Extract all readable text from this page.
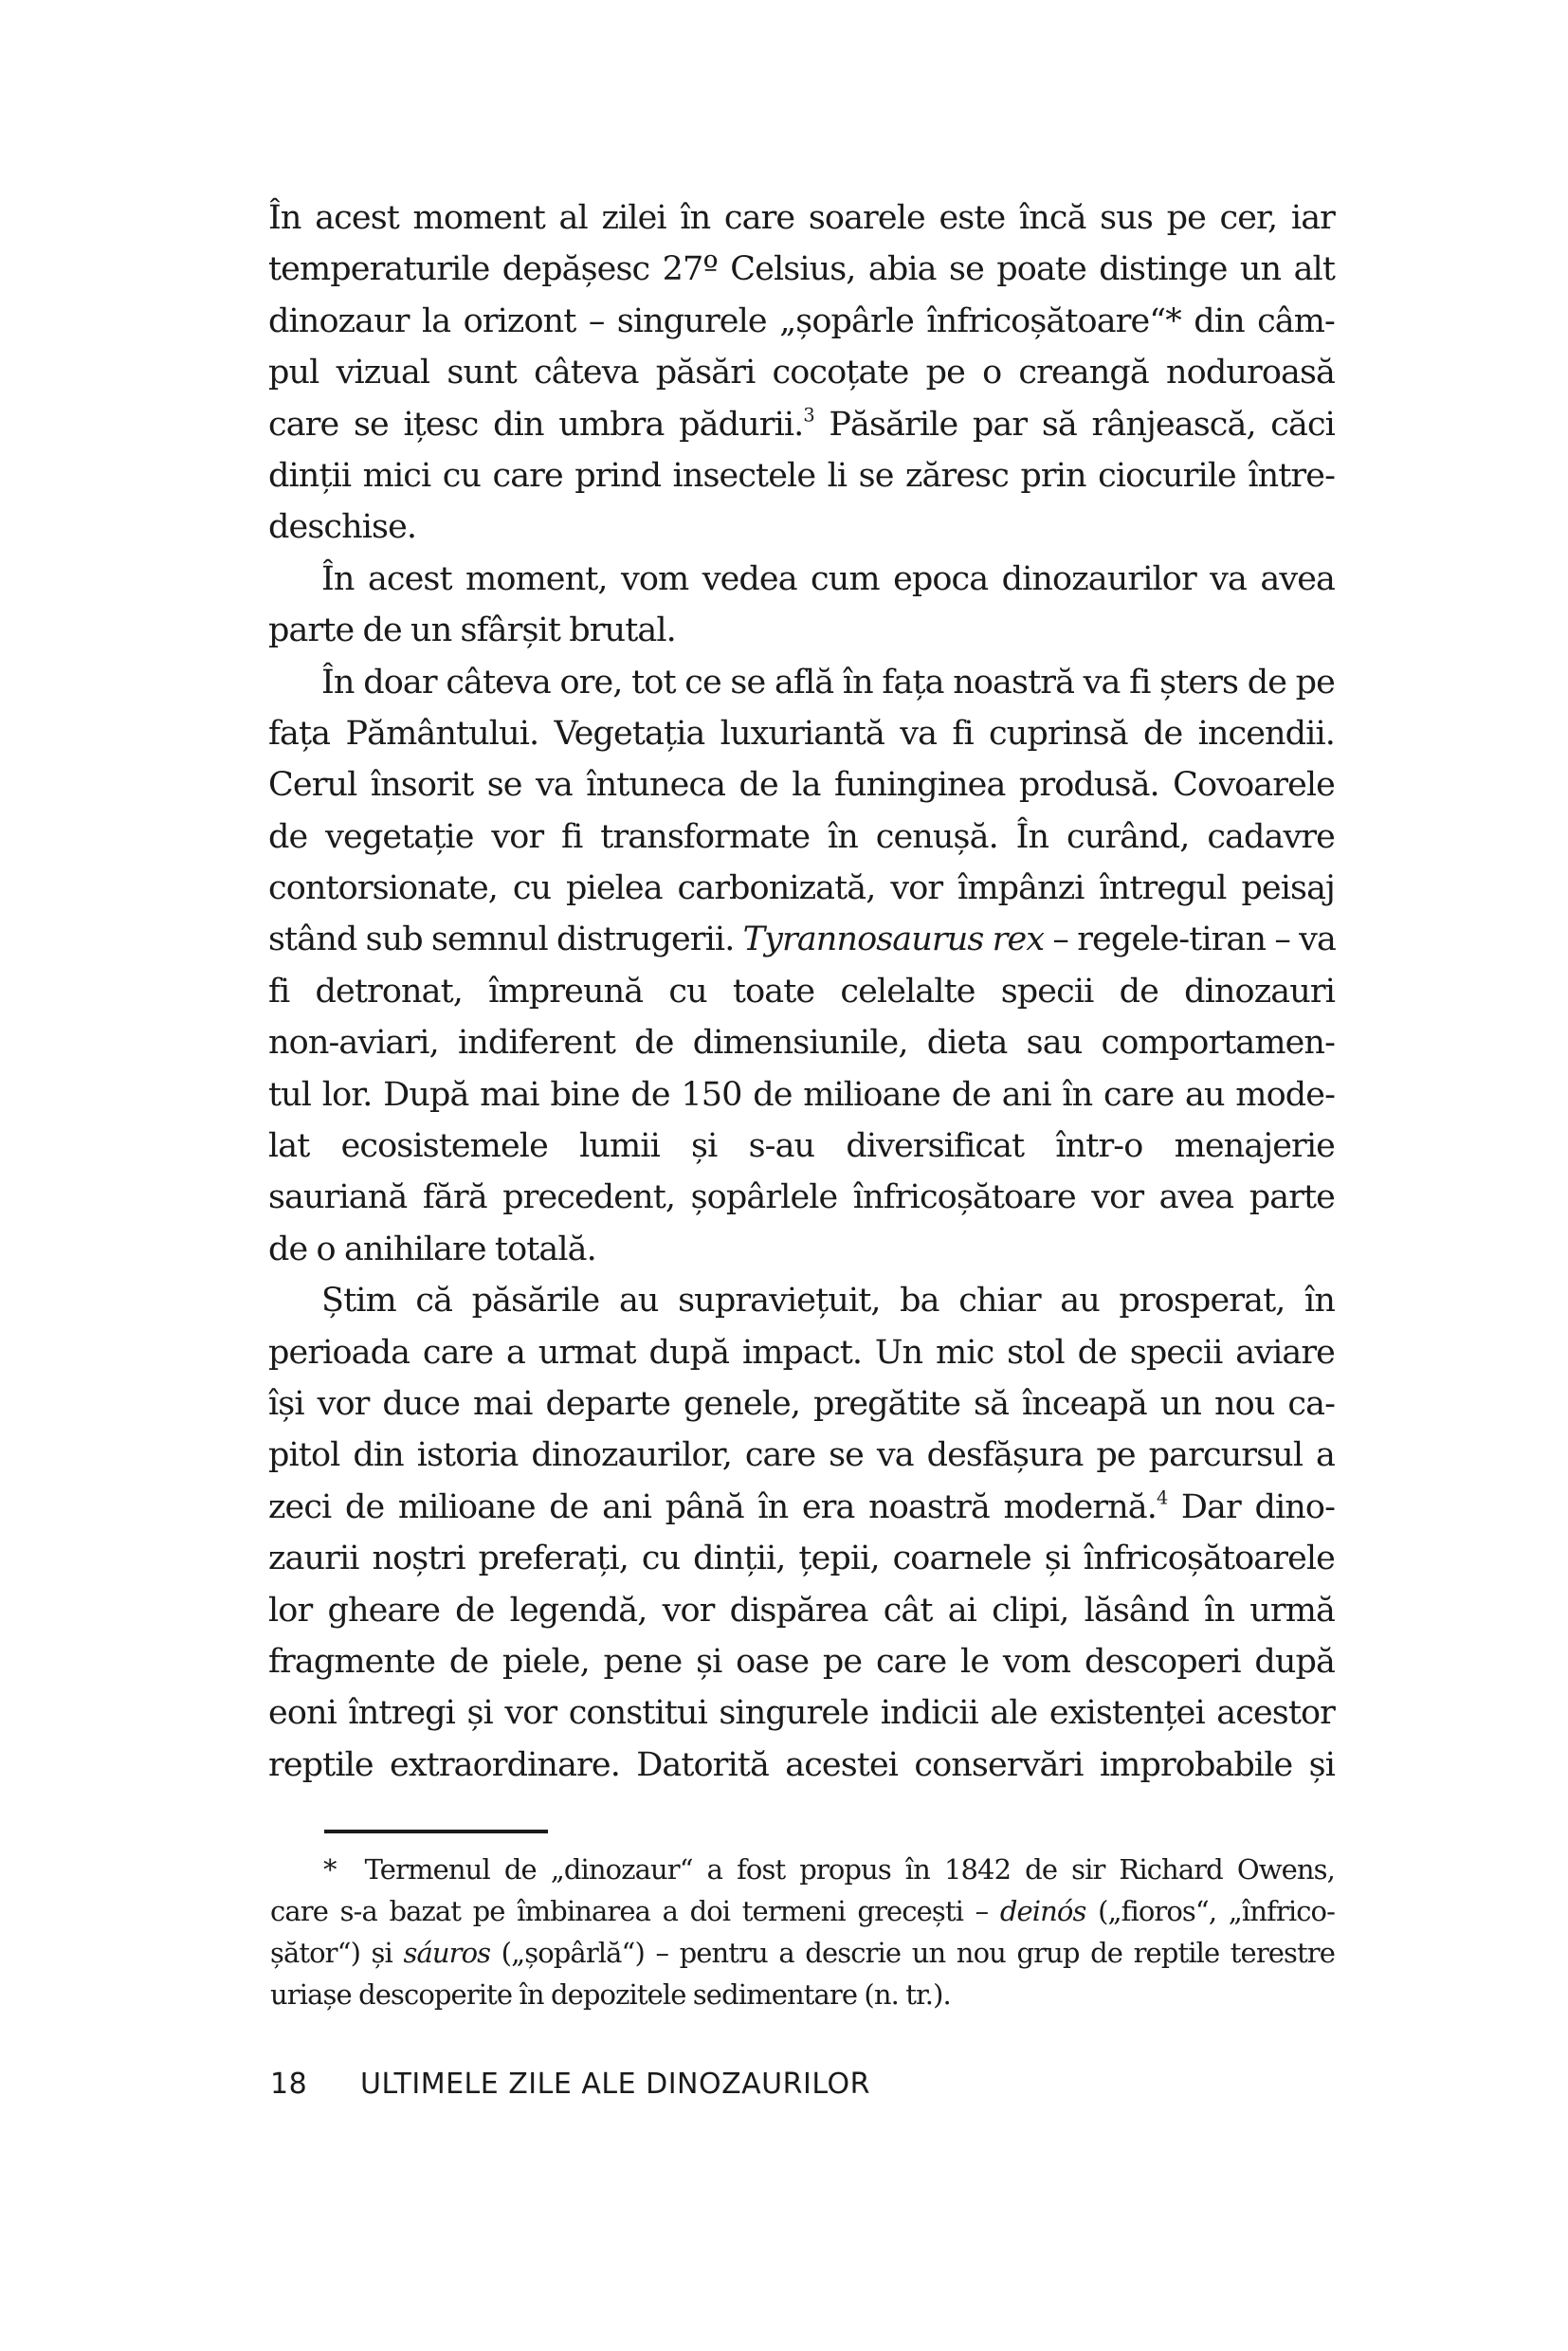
În acest moment al zilei în care soarele este încă sus pe cer, iar
temperaturile depășesc 27º Celsius, abia se poate distinge un alt
dinozaur la orizont – singurele „șopârle înfricoșătoare“* din câm-
pul vizual sunt câteva păsări cocoțate pe o creangă noduroasă
care se ițesc din umbra pădurii.$^3$ Păsările par să rânjească, căci
dinții mici cu care prind insectele li se zăresc prin ciocurile între-
deschise.
În acest moment, vom vedea cum epoca dinozaurilor va avea
parte de un sfârșit brutal.
În doar câteva ore, tot ce se află în fața noastră va fi șters de pe
fața Pământului. Vegetația luxuriantă va fi cuprinsă de incendii.
Cerul însorit se va întuneca de la funinginea produsă. Covoarele
de vegetație vor fi transformate în cenușă. În curând, cadavre
contorsionate, cu pielea carbonizată, vor împânzi întregul peisaj
stând sub semnul distrugerii. Tyrannosaurus rex – regele-tiran – va
fi detronat, împreună cu toate celelalte specii de dinozauri
non-aviari, indiferent de dimensiunile, dieta sau comportamen-
tul lor. După mai bine de 150 de milioane de ani în care au mode-
lat ecosistemele lumii și s-au diversificat într-o menajerie
sauriană fără precedent, șopârlele înfricoșătoare vor avea parte
de o anihilare totală.
Știm că păsările au supraviețuit, ba chiar au prosperat, în
perioada care a urmat după impact. Un mic stol de specii aviare
își vor duce mai departe genele, pregătite să înceapă un nou ca-
pitol din istoria dinozaurilor, care se va desfășura pe parcursul a
zeci de milioane de ani până în era noastră modernă.$^4$ Dar dino-
zaurii noștri preferați, cu dinții, țepii, coarnele și înfricoșătoarele
lor gheare de legendă, vor dispărea cât ai clipi, lăsând în urmă
fragmente de piele, pene și oase pe care le vom descoperi după
eoni întregi și vor constitui singurele indicii ale existenței acestor
reptile extraordinare. Datorită acestei conservări improbabile și
* Termenul de „dinozaur“ a fost propus în 1842 de sir Richard Owens,
care s-a bazat pe îmbinarea a doi termeni grecești – deinós („fioros“, „înfrico-
șător“) și sáuros („șopârlă“) – pentru a descrie un nou grup de reptile terestre
uriașe descoperite în depozitele sedimentare (n. tr.).
18 ULTIMELE ZILE ALE DINOZAURILOR
